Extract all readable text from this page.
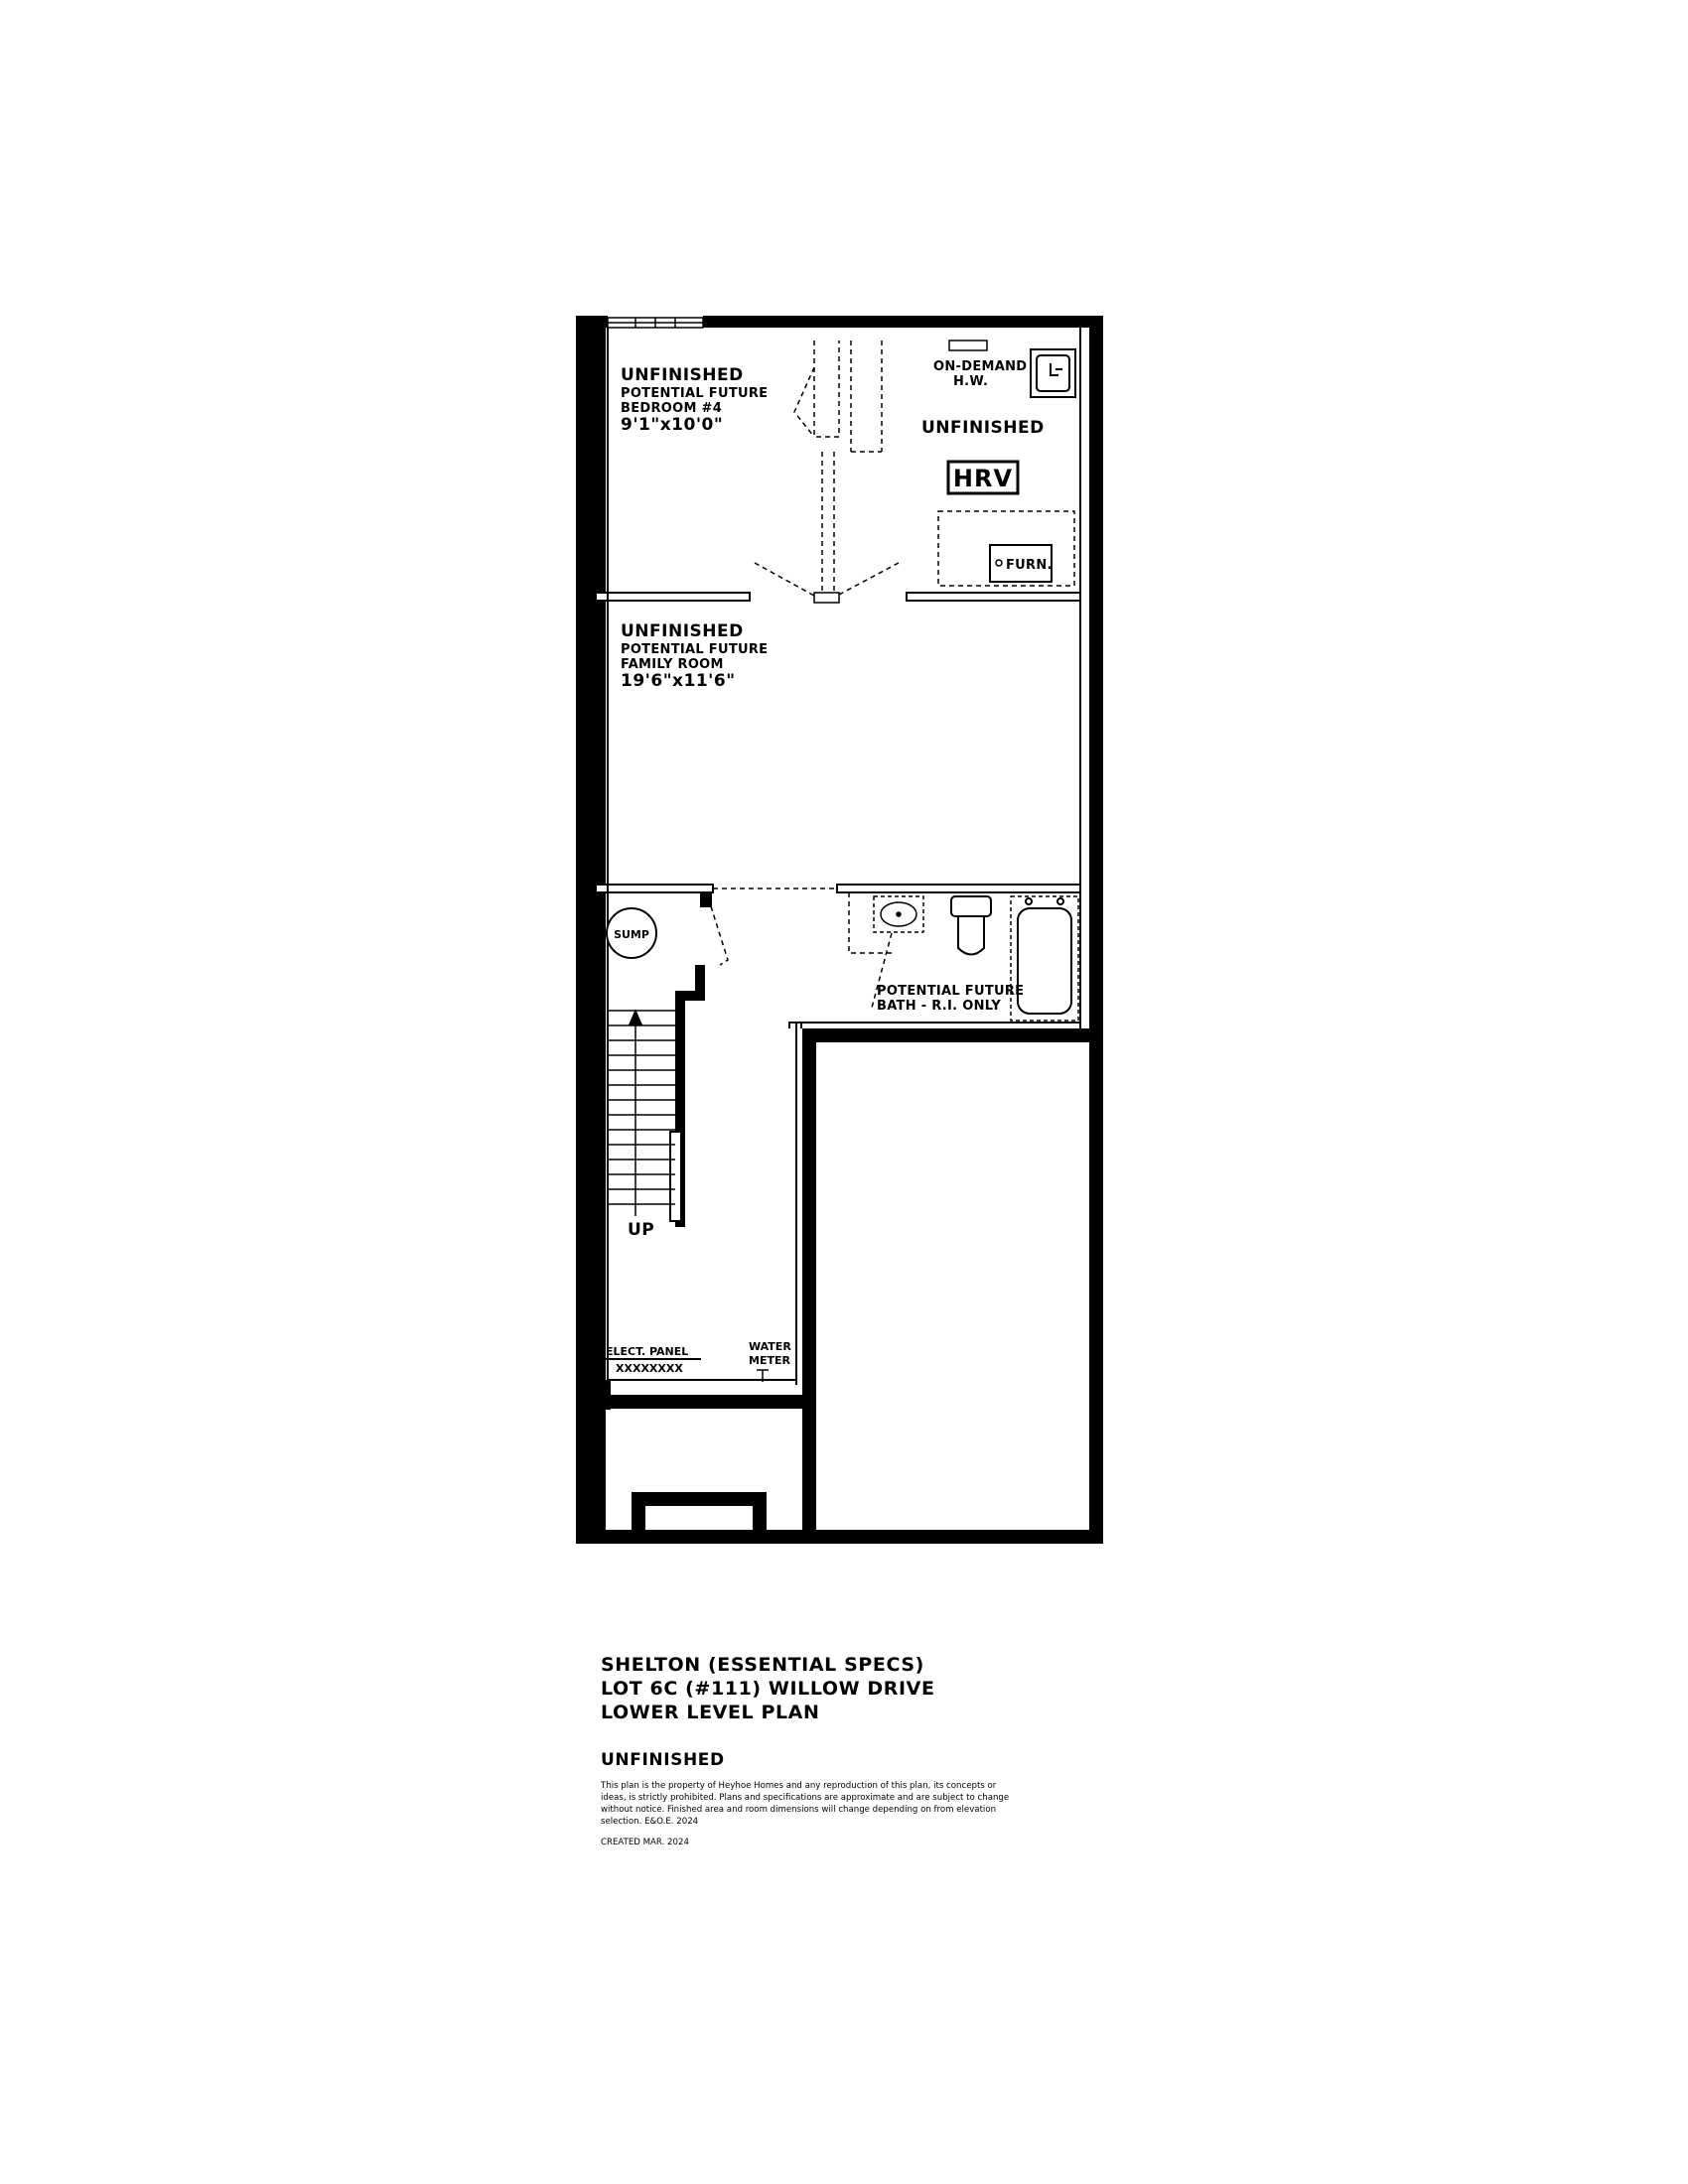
ON-DEMAND
H.W.
HRV
FURN.
UNFINISHED
POTENTIAL FUTURE
BEDROOM #4
9'1"x10'0"	UNFINISHED
UNFINISHED
POTENTIAL FUTURE
FAMILY ROOM
19'6"x11'6"
POTENTIAL FUTURE
BATH - R.I. ONLY
SUMP
UP
ELECT. PANEL
XXXXXXXX
WATER
METER

SHELTON (ESSENTIAL SPECS)

LOT 6C (#111) WILLOW DRIVE

LOWER LEVEL PLAN

UNFINISHED

This plan is the property of Heyhoe Homes and any reproduction of this plan, its concepts or ideas, is strictly prohibited. Plans and specifications are approximate and are subject to change without notice. Finished area and room dimensions will change depending on from elevation selection. E&O.E. 2024

CREATED MAR. 2024
